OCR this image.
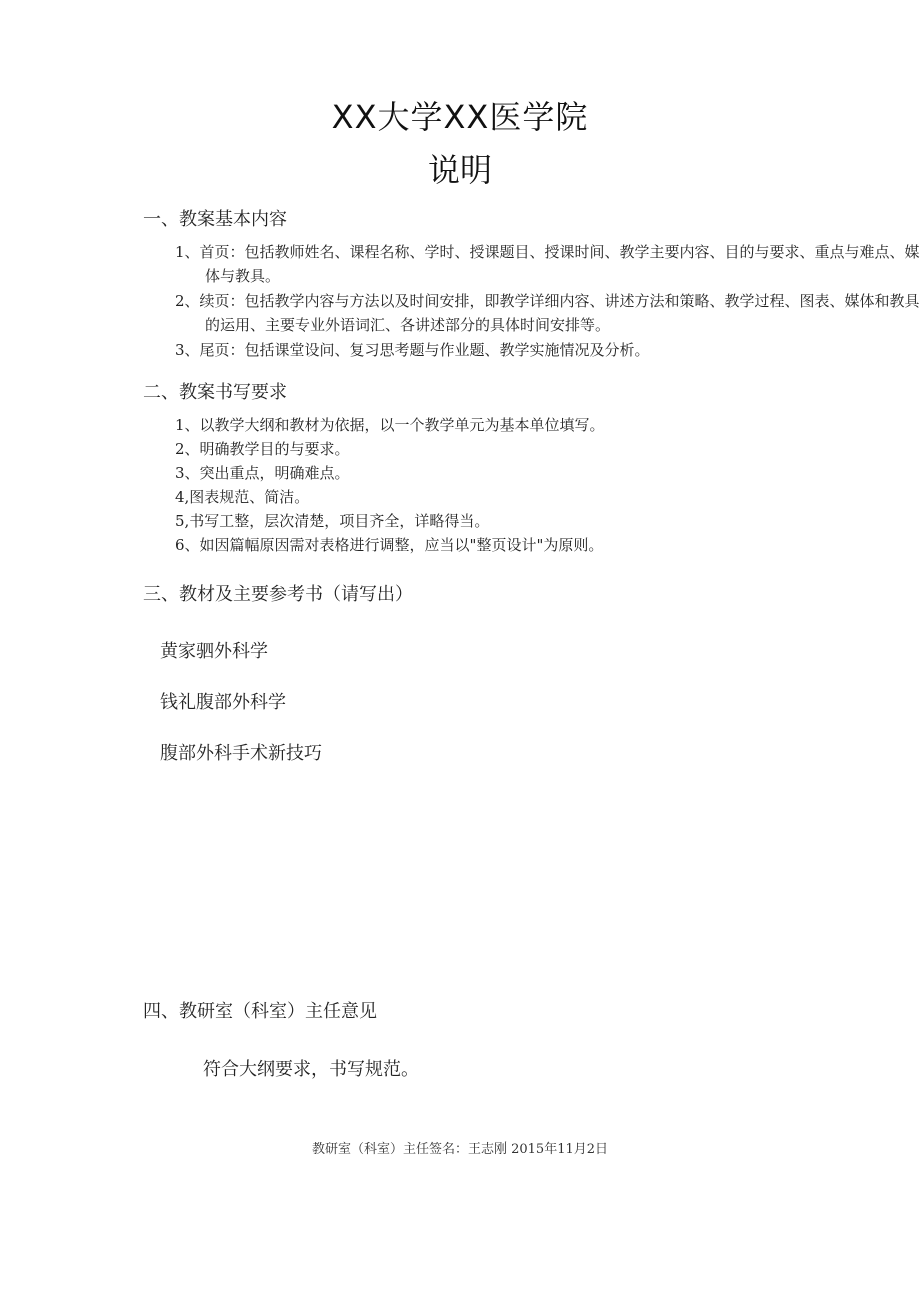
XX大学XX医学院
说明
一、教案基本内容
1、首页：包括教师姓名、课程名称、学时、授课题目、授课时间、教学主要内容、目的与要求、重点与难点、媒体与教具。
2、续页：包括教学内容与方法以及时间安排，即教学详细内容、讲述方法和策略、教学过程、图表、媒体和教具的运用、主要专业外语词汇、各讲述部分的具体时间安排等。
3、尾页：包括课堂设问、复习思考题与作业题、教学实施情况及分析。
二、教案书写要求
1、以教学大纲和教材为依据，以一个教学单元为基本单位填写。
2、明确教学目的与要求。
3、突出重点，明确难点。
4,图表规范、简洁。
5,书写工整，层次清楚，项目齐全，详略得当。
6、如因篇幅原因需对表格进行调整，应当以"整页设计"为原则。
三、教材及主要参考书（请写出）
黄家驷外科学
钱礼腹部外科学
腹部外科手术新技巧
四、教研室（科室）主任意见
符合大纲要求，书写规范。
教研室（科室）主任签名：王志刚 2015年11月2日
